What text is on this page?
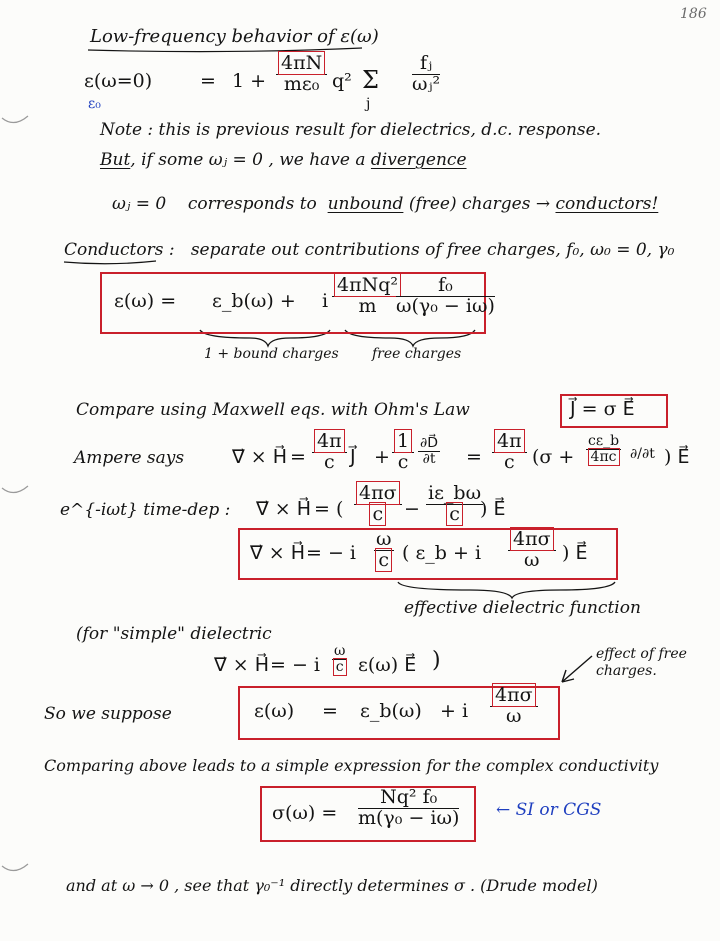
186
Low-frequency behavior of ε(ω)
ε(ω=0)
ε₀
= $1 + \frac{4\pi N}{\text{mε₀}} q^2$ Σ
j
$\frac{\text{fⱼ}}{\text{ωⱼ²}}$
Note : this is previous result for dielectrics, d.c. response.
But, if some ωⱼ = 0 , we have a divergence
ωⱼ = 0 corresponds to unbound (free) charges → conductors!
Conductors : separate out contributions of free charges, f₀, ω₀ = 0, γ₀
ε(ω) = ε_b(ω) + i $\frac{\text{4πNq²}}{m}$
$\frac{\text{f₀}}{\text{ω(γ₀ − iω)}}$
1 + bound charges free charges
Compare using Maxwell eqs. with Ohm's Law	J⃗ = σ E⃗
Ampere says	∇⃗ × H⃗ = $\frac{4\pi}{c}$ J⃗ + $\frac{1}{c} \frac{\partial D⃗}{\partial t} = \frac{4\pi}{c} (\sigma + \frac{c\varepsilon\_b}{4\pi c} \partial/\partial t$ ) E⃗
e^{-iωt} time-dep : ∇⃗ × H⃗ = ( $\frac{4\pi\sigma}{c} - \frac{i\varepsilon\_b\omega}{c}$
) E⃗
∇⃗ × H⃗ = − i $\frac{\omega}{c}$ ( ε_b + i $\frac{4\pi\sigma}{\omega}$ ) E⃗
effective dielectric function
(for "simple" dielectric
∇⃗ × H⃗ = − i $\frac{\omega}{c} \varepsilon(\omega)$ E⃗ )	effect of free charges.
So we suppose	ε(ω) = ε_b(ω) + i $\frac{4\pi\sigma}{\omega}$
Comparing above leads to a simple expression for the complex conductivity
$\sigma(\omega) = \frac{\text{Nq² f₀}}{\text{m(γ₀ − iω)}}$ ← SI or CGS
and at ω → 0 , see that γ₀⁻¹ directly determines σ . (Drude model)
